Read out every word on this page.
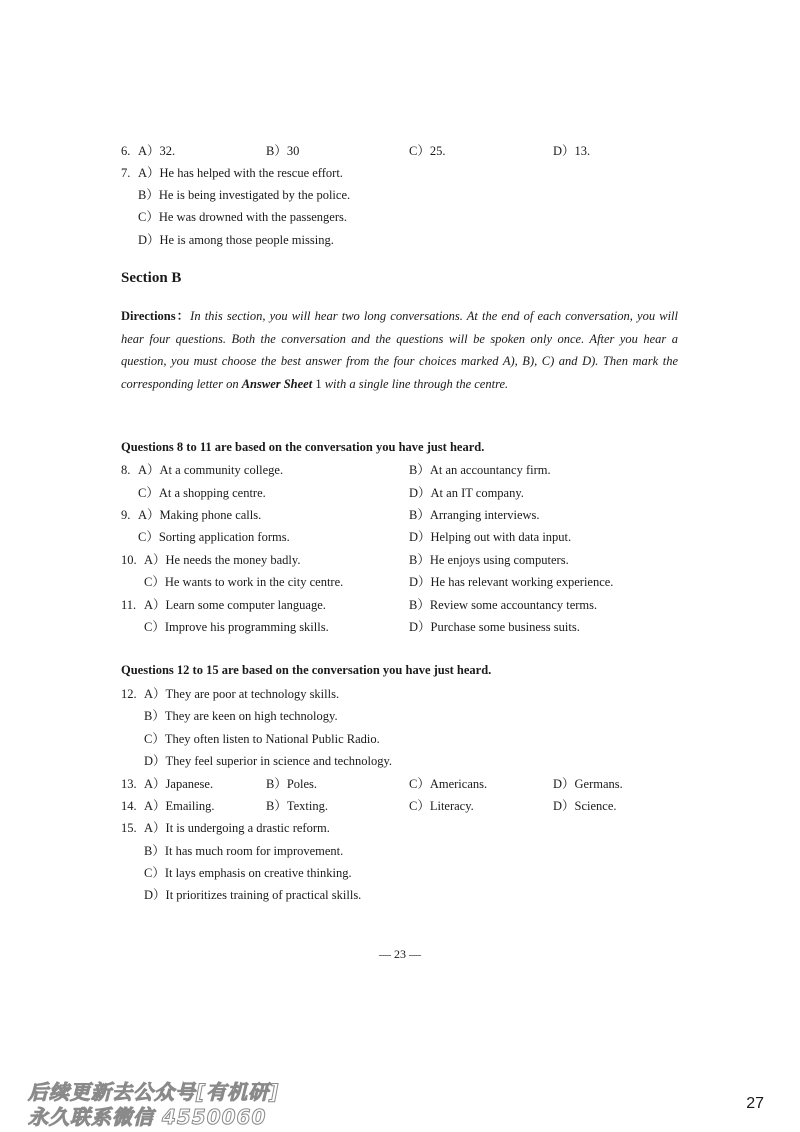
6. A）32.	B）30	C）25.	D）13.
7. A）He has helped with the rescue effort.
B）He is being investigated by the police.
C）He was drowned with the passengers.
D）He is among those people missing.
Section B
Directions：In this section, you will hear two long conversations. At the end of each conversation, you will hear four questions. Both the conversation and the questions will be spoken only once. After you hear a question, you must choose the best answer from the four choices marked A), B), C) and D). Then mark the corresponding letter on Answer Sheet 1 with a single line through the centre.
Questions 8 to 11 are based on the conversation you have just heard.
8. A）At a community college.	B）At an accountancy firm.
C）At a shopping centre.	D）At an IT company.
9. A）Making phone calls.	B）Arranging interviews.
C）Sorting application forms.	D）Helping out with data input.
10. A）He needs the money badly.	B）He enjoys using computers.
C）He wants to work in the city centre.	D）He has relevant working experience.
11. A）Learn some computer language.	B）Review some accountancy terms.
C）Improve his programming skills.	D）Purchase some business suits.
Questions 12 to 15 are based on the conversation you have just heard.
12. A）They are poor at technology skills.
B）They are keen on high technology.
C）They often listen to National Public Radio.
D）They feel superior in science and technology.
13. A）Japanese.	B）Poles.	C）Americans.	D）Germans.
14. A）Emailing.	B）Texting.	C）Literacy.	D）Science.
15. A）It is undergoing a drastic reform.
B）It has much room for improvement.
C）It lays emphasis on creative thinking.
D）It prioritizes training of practical skills.
— 23 —
后续更新去公众号[有机研]
永久联系微信 4550060
27
